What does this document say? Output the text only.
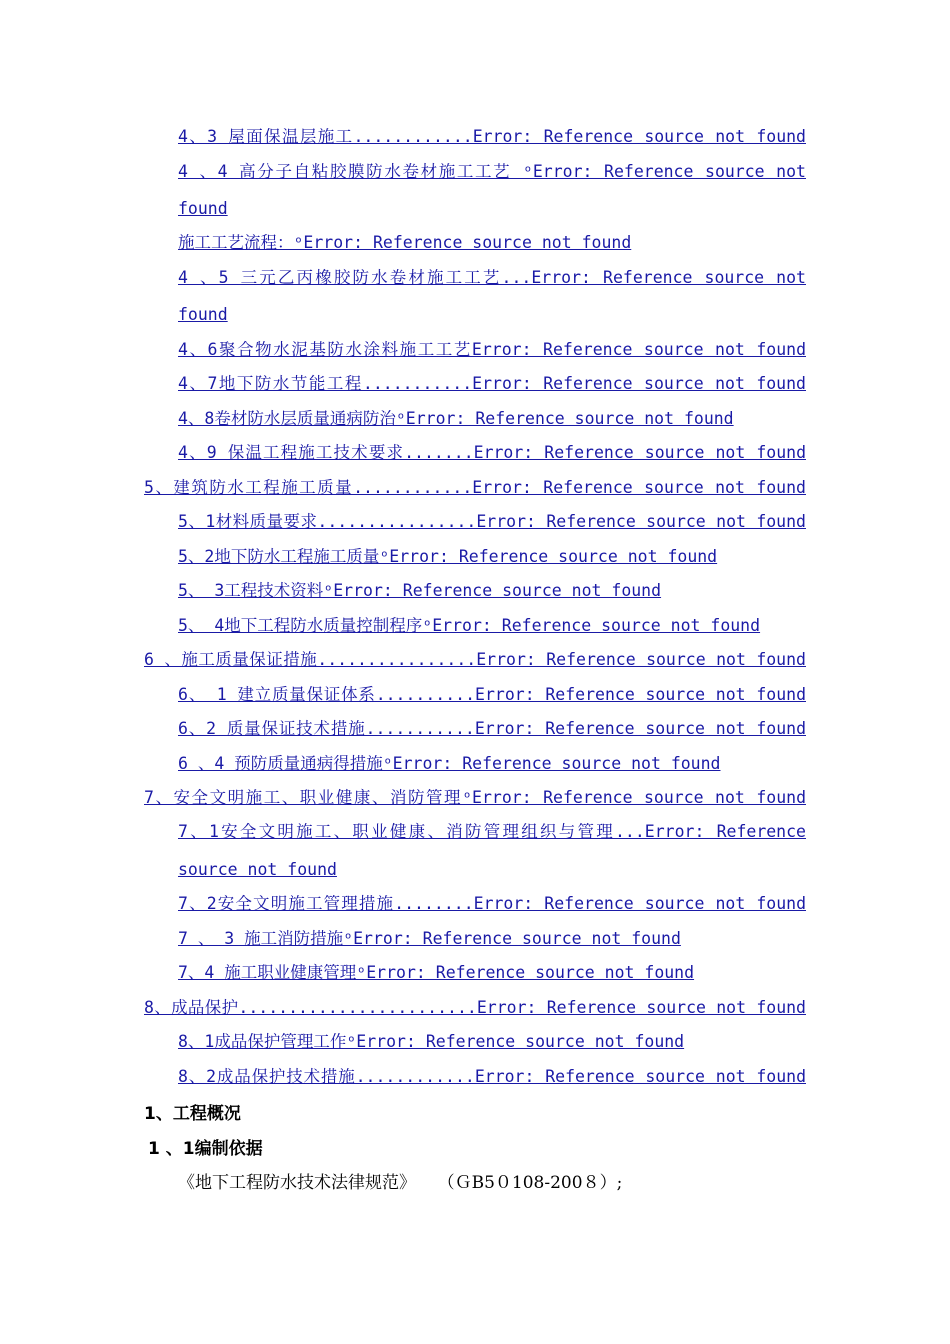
4、3 屋面保温层施工............Error: Reference source not found
4 、4 高分子自粘胶膜防水卷材施工工艺 ᵒError: Reference source not
found
施工工艺流程：ᵒError: Reference source not found
4 、5 三元乙丙橡胶防水卷材施工工艺...Error: Reference source not
found
4、6聚合物水泥基防水涂料施工工艺Error: Reference source not found
4、7地下防水节能工程...........Error: Reference source not found
4、8卷材防水层质量通病防治ᵒError: Reference source not found
4、9 保温工程施工技术要求.......Error: Reference source not found
5、建筑防水工程施工质量............Error: Reference source not found
5、1材料质量要求................Error: Reference source not found
5、2地下防水工程施工质量ᵒError: Reference source not found
5、 3工程技术资料ᵒError: Reference source not found
5、 4地下工程防水质量控制程序ᵒError: Reference source not found
6 、施工质量保证措施................Error: Reference source not found
6、 1 建立质量保证体系..........Error: Reference source not found
6、2 质量保证技术措施...........Error: Reference source not found
6 、4 预防质量通病得措施ᵒError: Reference source not found
7、安全文明施工、职业健康、消防管理ᵒError: Reference source not found
7、1安全文明施工、职业健康、消防管理组织与管理...Error: Reference
source not found
7、2安全文明施工管理措施........Error: Reference source not found
7 、 3 施工消防措施ᵒError: Reference source not found
7、4 施工职业健康管理ᵒError: Reference source not found
8、成品保护........................Error: Reference source not found
8、1成品保护管理工作ᵒError: Reference source not found
8、2成品保护技术措施............Error: Reference source not found
1、工程概况
1 、1编制依据
《地下工程防水技术法律规范》    （ＧB5０108-200８）;
